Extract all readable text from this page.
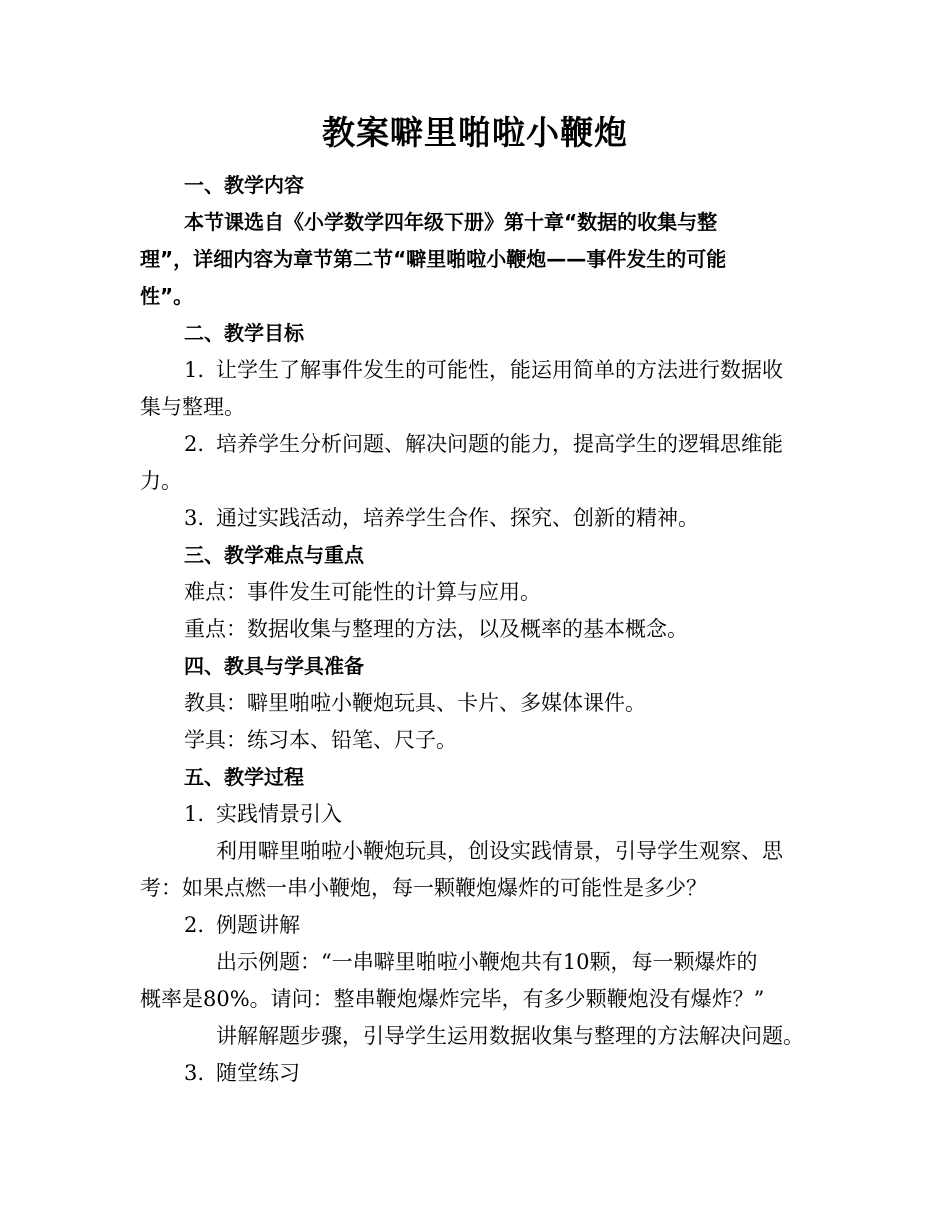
教案噼里啪啦小鞭炮
一、教学内容
本节课选自《小学数学四年级下册》第十章“数据的收集与整
理”，详细内容为章节第二节“噼里啪啦小鞭炮——事件发生的可能
性”。
二、教学目标
1. 让学生了解事件发生的可能性，能运用简单的方法进行数据收
集与整理。
2. 培养学生分析问题、解决问题的能力，提高学生的逻辑思维能
力。
3. 通过实践活动，培养学生合作、探究、创新的精神。
三、教学难点与重点
难点：事件发生可能性的计算与应用。
重点：数据收集与整理的方法，以及概率的基本概念。
四、教具与学具准备
教具：噼里啪啦小鞭炮玩具、卡片、多媒体课件。
学具：练习本、铅笔、尺子。
五、教学过程
1. 实践情景引入
利用噼里啪啦小鞭炮玩具，创设实践情景，引导学生观察、思
考：如果点燃一串小鞭炮，每一颗鞭炮爆炸的可能性是多少？
2. 例题讲解
出示例题：“一串噼里啪啦小鞭炮共有10颗，每一颗爆炸的
概率是80%。请问：整串鞭炮爆炸完毕，有多少颗鞭炮没有爆炸？”
讲解解题步骤，引导学生运用数据收集与整理的方法解决问题。
3. 随堂练习
